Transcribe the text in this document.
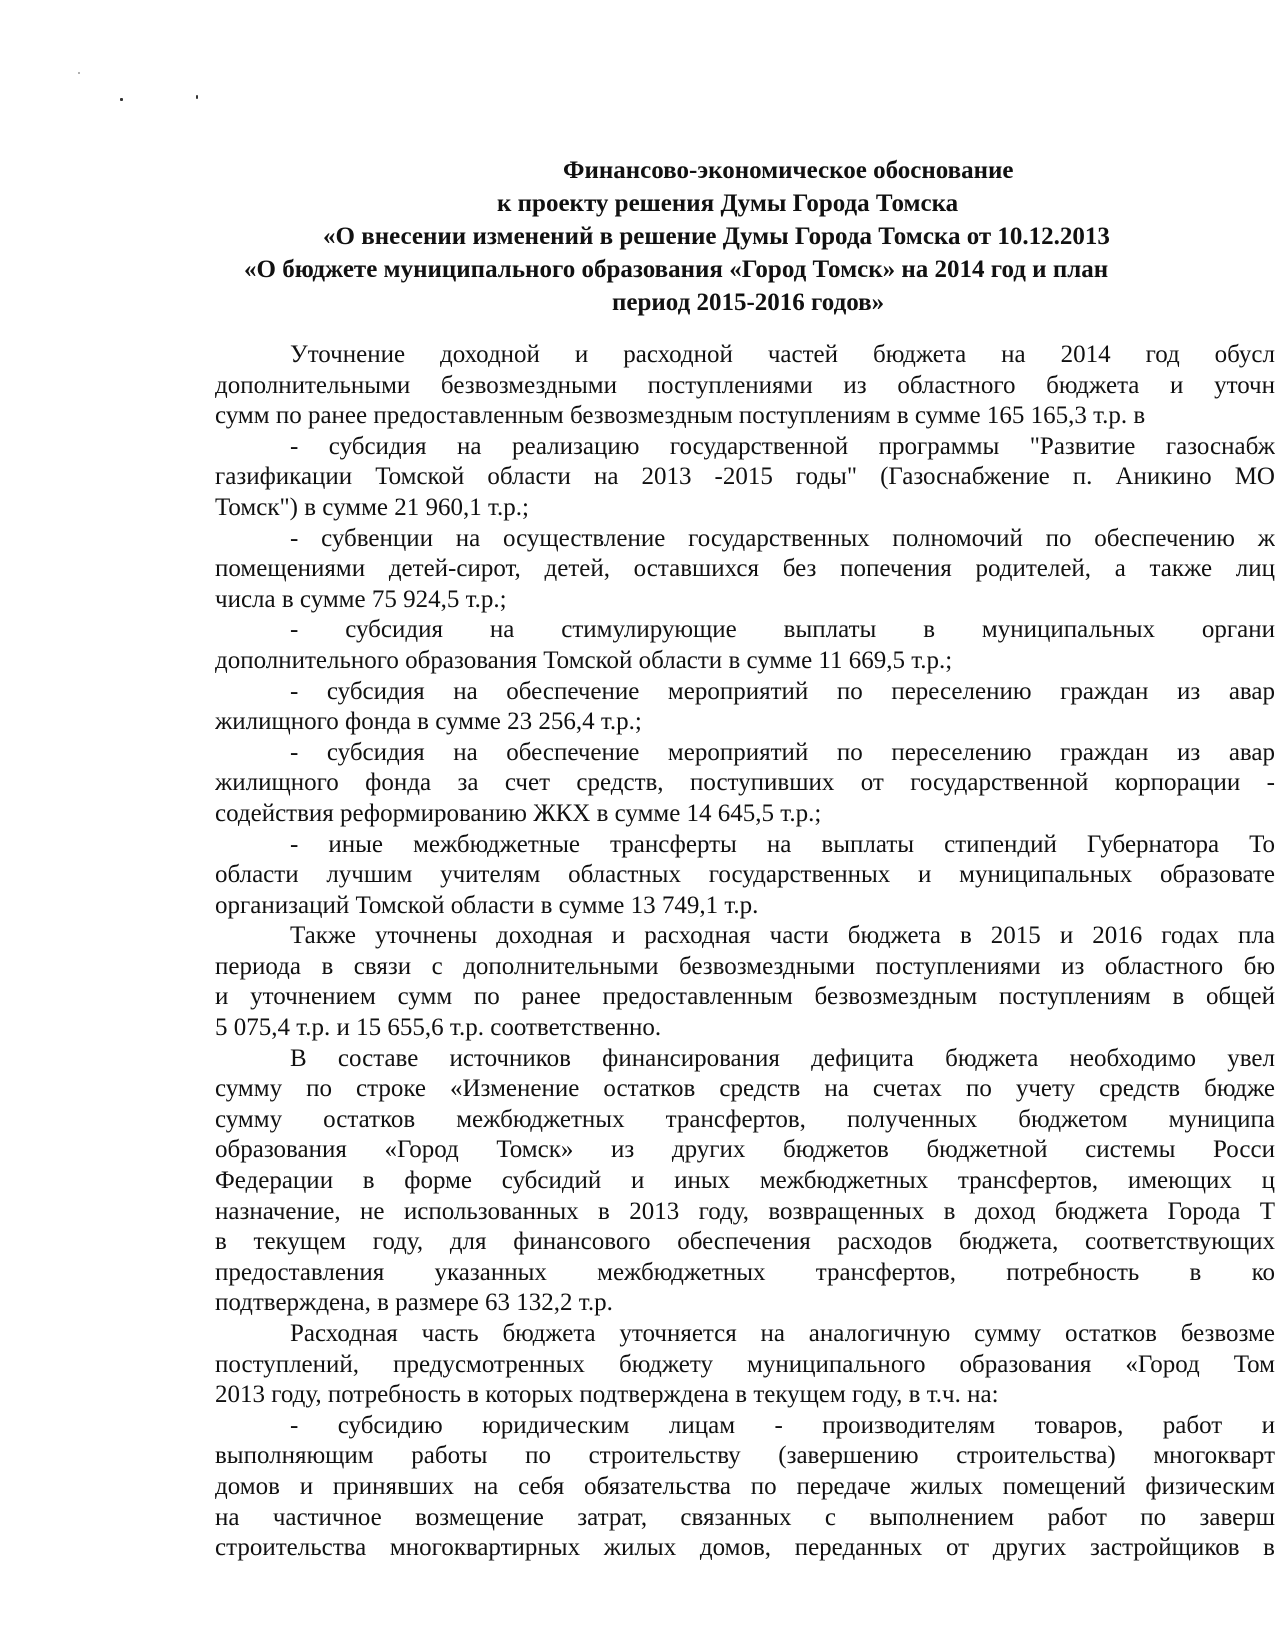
Финансово-экономическое обоснование
к проекту решения Думы Города Томска
«О внесении изменений в решение Думы Города Томска от 10.12.2013
«О бюджете муниципального образования «Город Томск» на 2014 год и план
период 2015-2016 годов»
Уточнение доходной и расходной частей бюджета на 2014 год обусл
дополнительными безвозмездными поступлениями из областного бюджета и уточн
сумм по ранее предоставленным безвозмездным поступлениям в сумме 165 165,3 т.р. в
- субсидия на реализацию государственной программы "Развитие газоснабж
газификации Томской области на 2013 -2015 годы" (Газоснабжение п. Аникино МО
Томск") в сумме 21 960,1 т.р.;
- субвенции на осуществление государственных полномочий по обеспечению ж
помещениями детей-сирот, детей, оставшихся без попечения родителей, а также лиц
числа в сумме 75 924,5 т.р.;
- субсидия на стимулирующие выплаты в муниципальных органи
дополнительного образования Томской области в сумме 11 669,5 т.р.;
- субсидия на обеспечение мероприятий по переселению граждан из авар
жилищного фонда в сумме 23 256,4 т.р.;
- субсидия на обеспечение мероприятий по переселению граждан из авар
жилищного фонда за счет средств, поступивших от государственной корпорации -
содействия реформированию ЖКХ в сумме 14 645,5 т.р.;
- иные межбюджетные трансферты на выплаты стипендий Губернатора То
области лучшим учителям областных государственных и муниципальных образовате
организаций Томской области в сумме 13 749,1 т.р.
Также уточнены доходная и расходная части бюджета в 2015 и 2016 годах пла
периода в связи с дополнительными безвозмездными поступлениями из областного бю
и уточнением сумм по ранее предоставленным безвозмездным поступлениям в общей
5 075,4 т.р. и 15 655,6 т.р. соответственно.
В составе источников финансирования дефицита бюджета необходимо увел
сумму по строке «Изменение остатков средств на счетах по учету средств бюдже
сумму остатков межбюджетных трансфертов, полученных бюджетом муниципа
образования «Город Томск» из других бюджетов бюджетной системы Росси
Федерации в форме субсидий и иных межбюджетных трансфертов, имеющих ц
назначение, не использованных в 2013 году, возвращенных в доход бюджета Города Т
в текущем году, для финансового обеспечения расходов бюджета, соответствующих
предоставления указанных межбюджетных трансфертов, потребность в ко
подтверждена, в размере 63 132,2 т.р.
Расходная часть бюджета уточняется на аналогичную сумму остатков безвозме
поступлений, предусмотренных бюджету муниципального образования «Город Том
2013 году, потребность в которых подтверждена в текущем году, в т.ч. на:
- субсидию юридическим лицам - производителям товаров, работ и
выполняющим работы по строительству (завершению строительства) многокварт
домов и принявших на себя обязательства по передаче жилых помещений физическим
на частичное возмещение затрат, связанных с выполнением работ по заверш
строительства многоквартирных жилых домов, переданных от других застройщиков в
